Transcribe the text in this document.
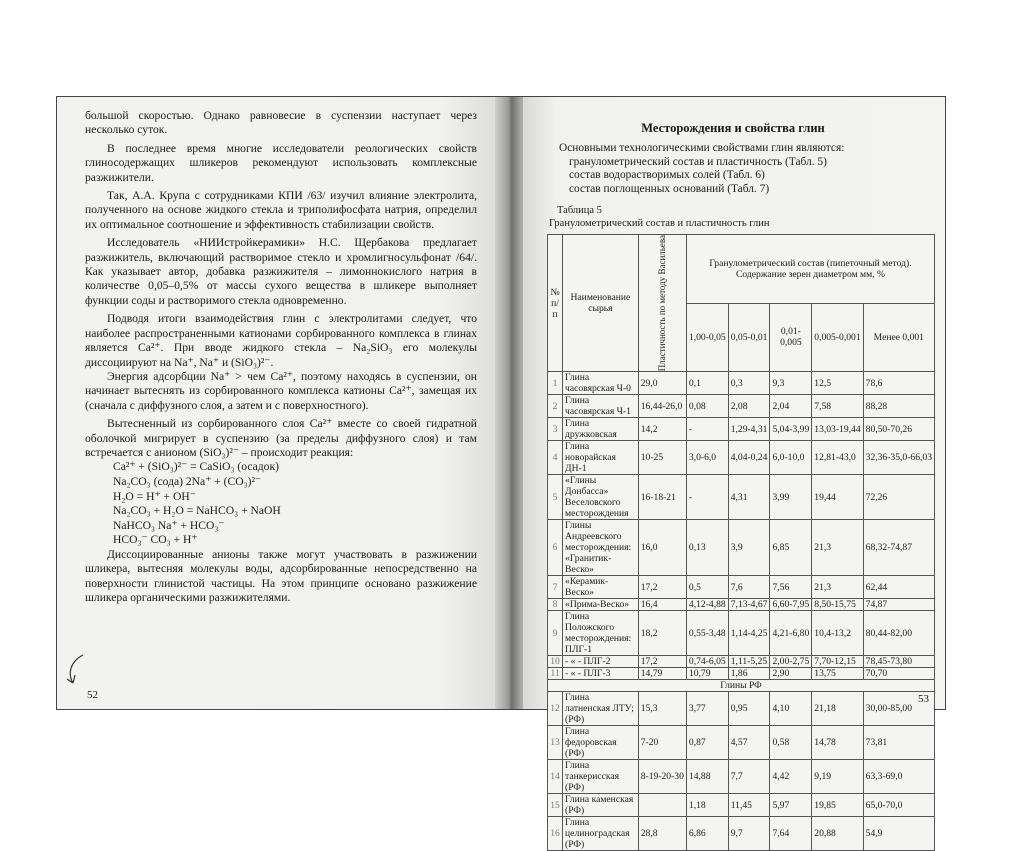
большой скоростью. Однако равновесие в суспензии наступает через несколько суток.

В последнее время многие исследователи реологических свойств глиносодержащих шликеров рекомендуют использовать комплексные разжижители.

Так, А.А. Крупа с сотрудниками КПИ /63/ изучил влияние электролита, полученного на основе жидкого стекла и триполифосфата натрия, определил их оптимальное соотношение и эффективность стабилизации свойств.

Исследователь «НИИстройкерамики» Н.С. Щербакова предлагает разжижитель, включающий растворимое стекло и хромлигносульфонат /64/. Как указывает автор, добавка разжижителя – лимоннокислого натрия в количестве 0,05–0,5% от массы сухого вещества в шликере выполняет функции соды и растворимого стекла одновременно.

Подводя итоги взаимодействия глин с электролитами следует, что наиболее распространенными катионами сорбированного комплекса в глинах является Ca²⁺. При вводе жидкого стекла – Na₂SiO₃ его молекулы диссоциируют на Na⁺, Na⁺ и (SiO₃)²⁻.

Энергия адсорбции Na⁺ > чем Ca²⁺, поэтому находясь в суспензии, он начинает вытеснять из сорбированного комплекса катионы Ca²⁺, замещая их (сначала с диффузного слоя, а затем и с поверхностного).

Вытесненный из сорбированного слоя Ca²⁺ вместе со своей гидратной оболочкой мигрирует в суспензию (за пределы диффузного слоя) и там встречается с анионом (SiO₃)²⁻ – происходит реакция:

Ca²⁺ + (SiO₃)²⁻ = CaSiO₃ (осадок)
Na₂CO₃ (сода) 2Na⁺ + (CO₃)²⁻
H₂O = H⁺ + OH⁻
Na₂CO₃ + H₂O = NaHCO₃ + NaOH
NaHCO₃ Na⁺ + HCO₃⁻
HCO₃⁻ CO₃ + H⁺

Диссоциированные анионы также могут участвовать в разжижении шликера, вытесняя молекулы воды, адсорбированные непосредственно на поверхности глинистой частицы. На этом принципе основано разжижение шликера органическими разжижителями.

52
Месторождения и свойства глин
Основными технологическими свойствами глин являются:
гранулометрический состав и пластичность (Табл. 5)
состав водорастворимых солей (Табл. 6)
состав поглощенных оснований (Табл. 7)
Таблица 5
Гранулометрический состав и пластичность глин
№ п/п	Наименование сырья	Пластичность по методу Васильева	Гранулометрический состав (пипеточный метод). Содержание зерен диаметром мм, %				
			1,00-0,05	0,05-0,01	0,01-0,005	0,005-0,001	Менее 0,001
1	Глина часовярская Ч-0	29,0	0,1	0,3	9,3	12,5	78,6
2	Глина часовярская Ч-1	16,44-26,0	0,08	2,08	2,04	7,58	88,28
3	Глина дружковская	14,2	-	1,29-4,31	5,04-3,99	13,03-19,44	80,50-70,26
4	Глина новорайская ДН-1	10-25	3,0-6,0	4,04-0,24	6,0-10,0	12,81-43,0	32,36-35,0-66,03
5	«Глины Донбасса» Веселовского месторождения	16-18-21	-	4,31	3,99	19,44	72,26
6	Глины Андреевского месторождения: «Гранитик-Веско»	16,0	0,13	3,9	6,85	21,3	68,32-74,87
7	«Керамик-Веско»	17,2	0,5	7,6	7,56	21,3	62,44
8	«Прима-Веско»	16,4	4,12-4,88	7,13-4,67	6,60-7,95	8,50-15,75	74,87
9	Глина Положского месторождения: ПЛГ-1	18,2	0,55-3,48	1,14-4,25	4,21-6,80	10,4-13,2	80,44-82,00
10	- « - ПЛГ-2	17,2	0,74-6,05	1,11-5,25	2,00-2,75	7,70-12,15	78,45-73,80
11	- « - ПЛГ-3	14,79	10,79	1,86	2,90	13,75	70,70
Глины РФ							
12	Глина латненская ЛТУ; (РФ)	15,3	3,77	0,95	4,10	21,18	30,00-85,00
13	Глина федоровская (РФ)	7-20	0,87	4,57	0,58	14,78	73,81
14	Глина танкерисская (РФ)	8-19-20-30	14,88	7,7	4,42	9,19	63,3-69,0
15	Глина каменская (РФ)		1,18	11,45	5,97	19,85	65,0-70,0
16	Глина целиноградская (РФ)	28,8	6,86	9,7	7,64	20,88	54,9
53
